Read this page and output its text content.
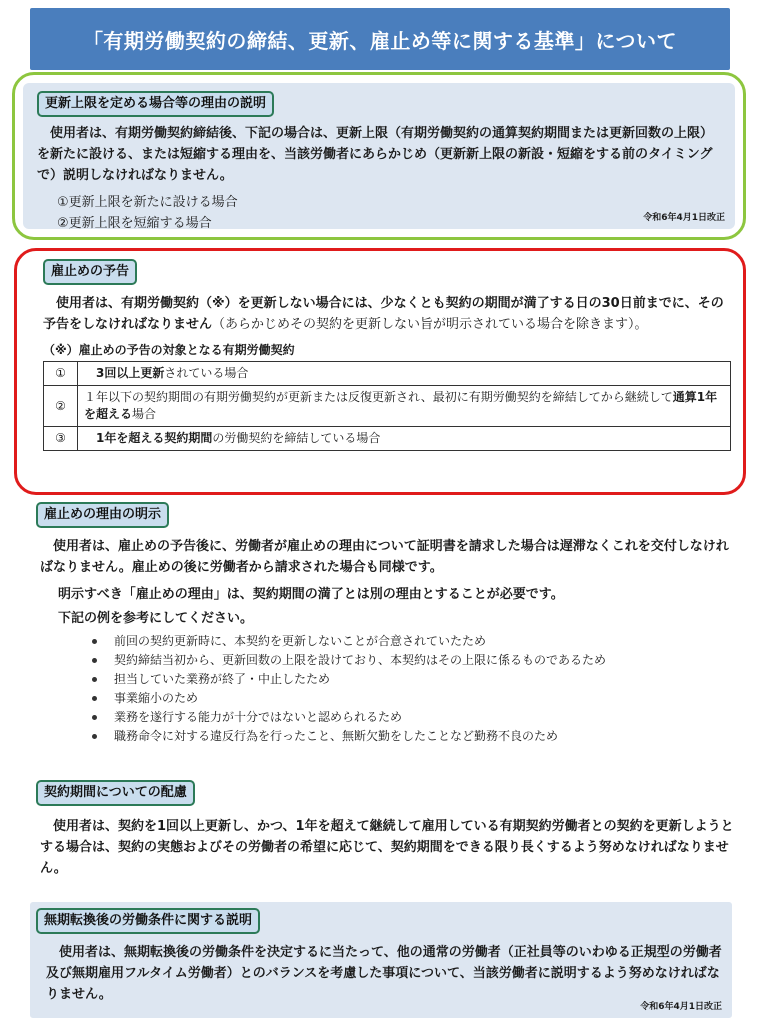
「有期労働契約の締結、更新、雇止め等に関する基準」について
更新上限を定める場合等の理由の説明

使用者は、有期労働契約締結後、下記の場合は、更新上限（有期労働契約の通算契約期間または更新回数の上限）を新たに設ける、または短縮する理由を、当該労働者にあらかじめ（更新新上限の新設・短縮をする前のタイミングで）説明しなければなりません。

①更新上限を新たに設ける場合
②更新上限を短縮する場合	令和6年4月1日改正
雇止めの予告

使用者は、有期労働契約（※）を更新しない場合には、少なくとも契約の期間が満了する日の30日前までに、その予告をしなければなりません（あらかじめその契約を更新しない旨が明示されている場合を除きます）。

（※）雇止めの予告の対象となる有期労働契約
①	　3回以上更新されている場合
②	１年以下の契約期間の有期労働契約が更新または反復更新され、最初に有期労働契約を締結してから継続して通算1年を超える場合
③	　1年を超える契約期間の労働契約を締結している場合
雇止めの理由の明示

使用者は、雇止めの予告後に、労働者が雇止めの理由について証明書を請求した場合は遅滞なくこれを交付しなければなりません。雇止めの後に労働者から請求された場合も同様です。

明示すべき「雇止めの理由」は、契約期間の満了とは別の理由とすることが必要です。
下記の例を参考にしてください。
前回の契約更新時に、本契約を更新しないことが合意されていたため
契約締結当初から、更新回数の上限を設けており、本契約はその上限に係るものであるため
担当していた業務が終了・中止したため
事業縮小のため
業務を遂行する能力が十分ではないと認められるため
職務命令に対する違反行為を行ったこと、無断欠勤をしたことなど勤務不良のため
契約期間についての配慮

使用者は、契約を1回以上更新し、かつ、1年を超えて継続して雇用している有期契約労働者との契約を更新しようとする場合は、契約の実態およびその労働者の希望に応じて、契約期間をできる限り長くするよう努めなければなりません。

無期転換後の労働条件に関する説明

使用者は、無期転換後の労働条件を決定するに当たって、他の通常の労働者（正社員等のいわゆる正規型の労働者及び無期雇用フルタイム労働者）とのバランスを考慮した事項について、当該労働者に説明するよう努めなければなりません。

令和6年4月1日改正
